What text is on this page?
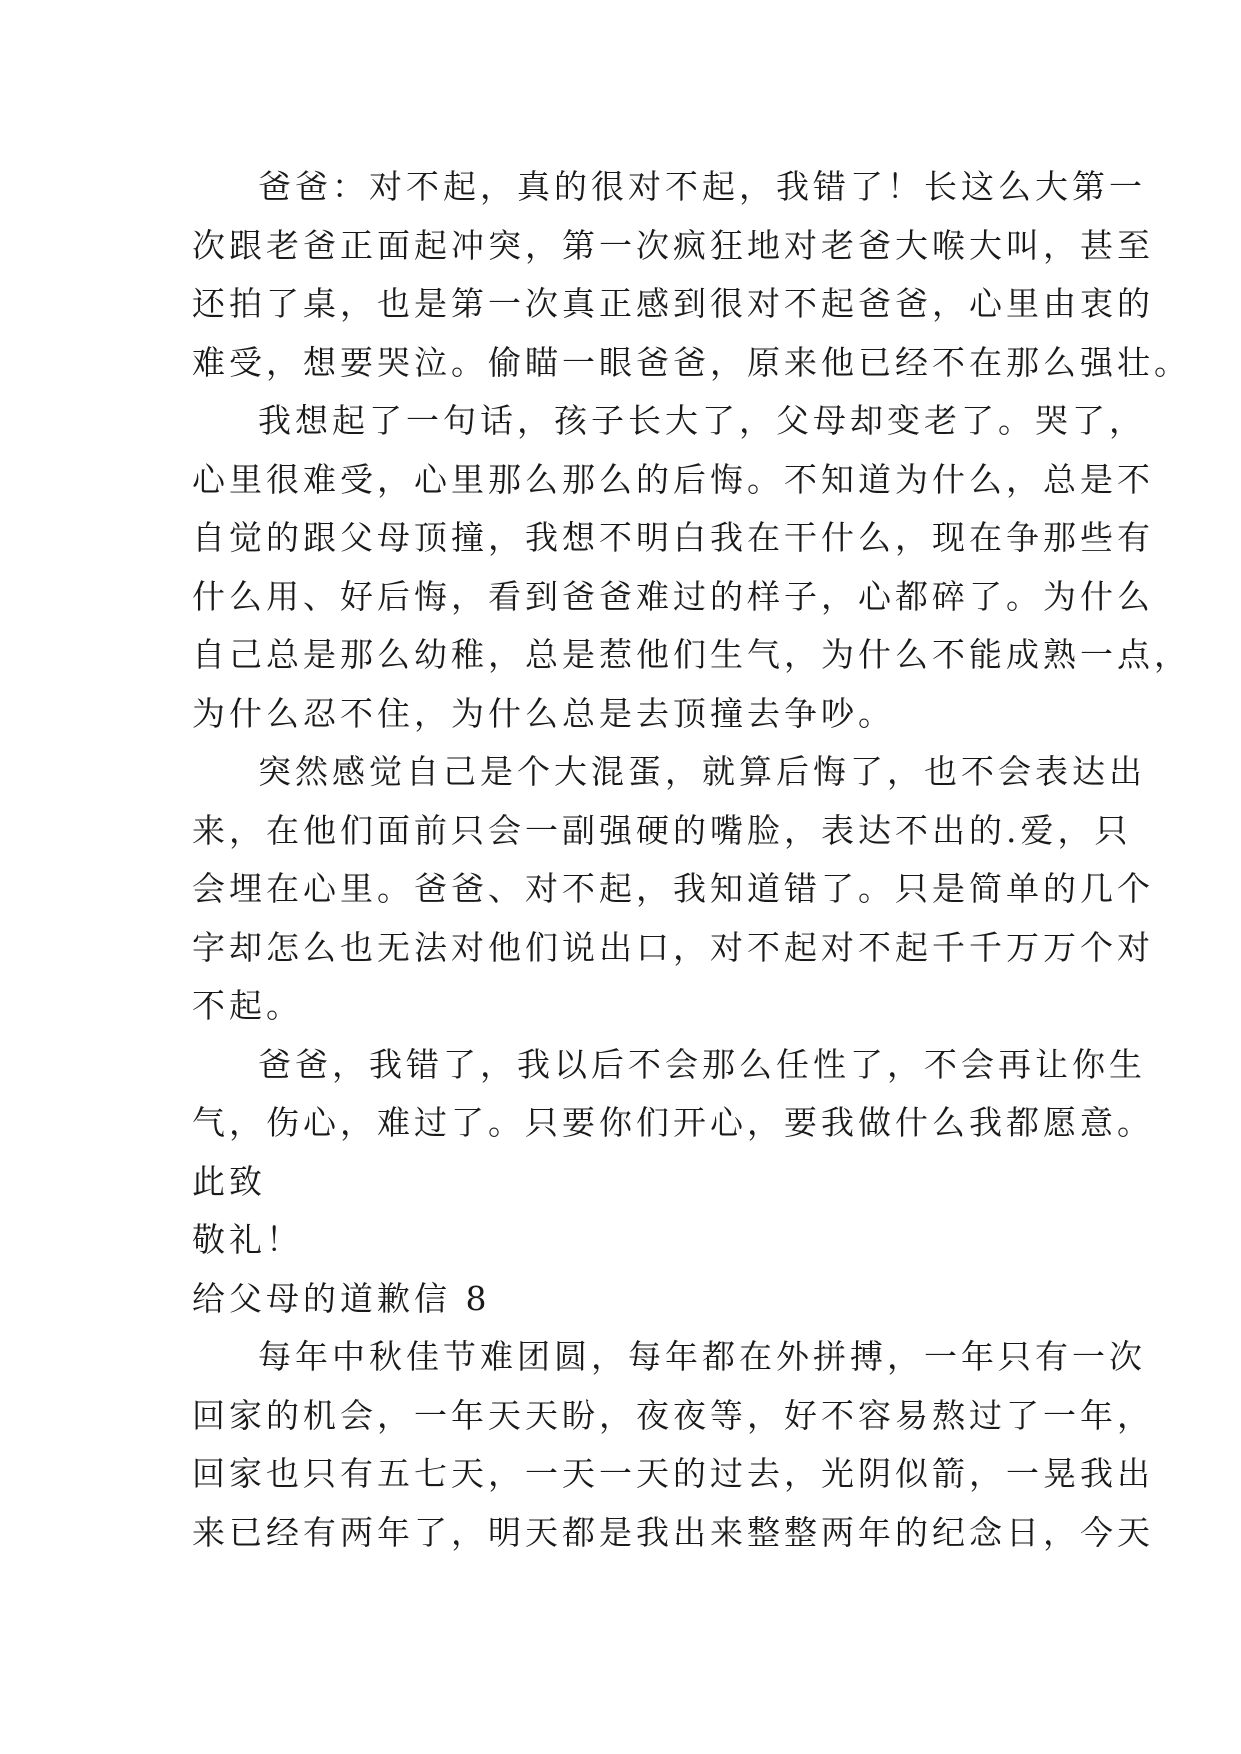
爸爸：对不起，真的很对不起，我错了！长这么大第一
次跟老爸正面起冲突，第一次疯狂地对老爸大喉大叫，甚至
还拍了桌，也是第一次真正感到很对不起爸爸，心里由衷的
难受，想要哭泣。偷瞄一眼爸爸，原来他已经不在那么强壮。
我想起了一句话，孩子长大了，父母却变老了。哭了，
心里很难受，心里那么那么的后悔。不知道为什么，总是不
自觉的跟父母顶撞，我想不明白我在干什么，现在争那些有
什么用、好后悔，看到爸爸难过的样子，心都碎了。为什么
自己总是那么幼稚，总是惹他们生气，为什么不能成熟一点，
为什么忍不住，为什么总是去顶撞去争吵。
突然感觉自己是个大混蛋，就算后悔了，也不会表达出
来，在他们面前只会一副强硬的嘴脸，表达不出的.爱，只
会埋在心里。爸爸、对不起，我知道错了。只是简单的几个
字却怎么也无法对他们说出口，对不起对不起千千万万个对
不起。
爸爸，我错了，我以后不会那么任性了，不会再让你生
气，伤心，难过了。只要你们开心，要我做什么我都愿意。
此致
敬礼！
给父母的道歉信 8
每年中秋佳节难团圆，每年都在外拼搏，一年只有一次
回家的机会，一年天天盼，夜夜等，好不容易熬过了一年，
回家也只有五七天，一天一天的过去，光阴似箭，一晃我出
来已经有两年了，明天都是我出来整整两年的纪念日，今天
